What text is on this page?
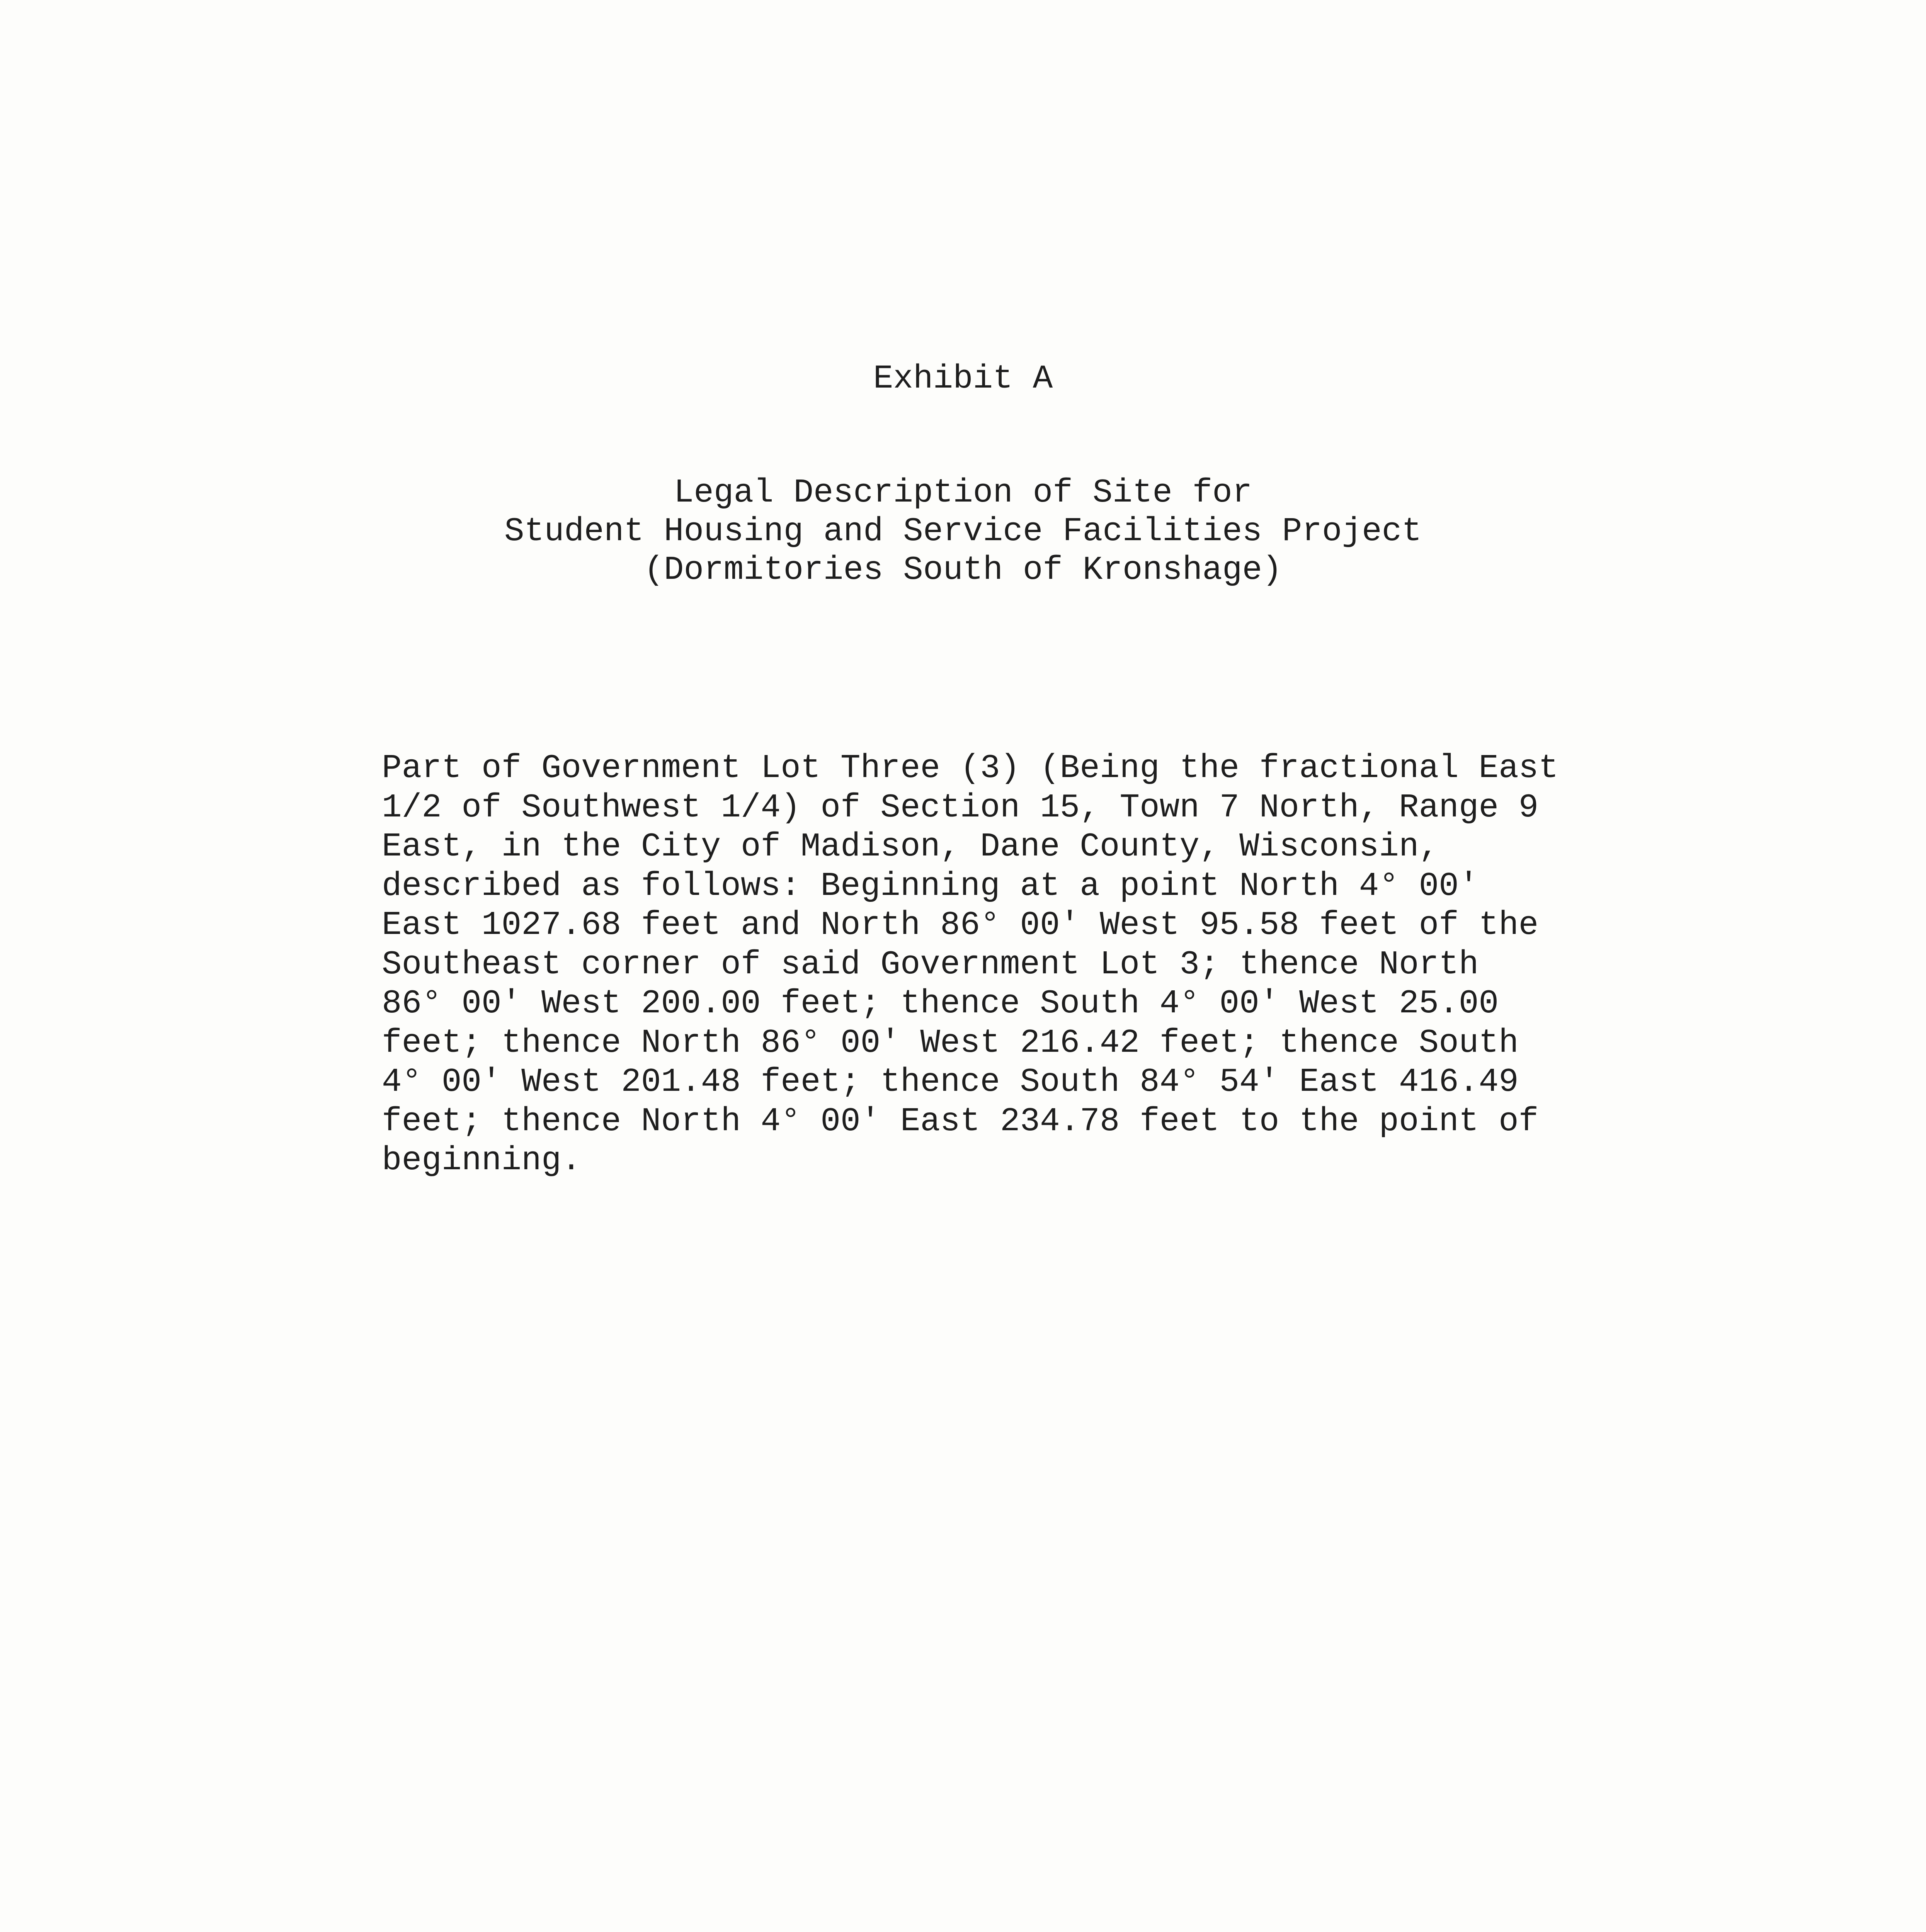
Exhibit A
Legal Description of Site for
Student Housing and Service Facilities Project
(Dormitories South of Kronshage)
Part of Government Lot Three (3) (Being the fractional East
1/2 of Southwest 1/4) of Section 15, Town 7 North, Range 9
East, in the City of Madison, Dane County, Wisconsin,
described as follows: Beginning at a point North 4° 00'
East 1027.68 feet and North 86° 00' West 95.58 feet of the
Southeast corner of said Government Lot 3; thence North
86° 00' West 200.00 feet; thence South 4° 00' West 25.00
feet; thence North 86° 00' West 216.42 feet; thence South
4° 00' West 201.48 feet; thence South 84° 54' East 416.49
feet; thence North 4° 00' East 234.78 feet to the point of
beginning.
